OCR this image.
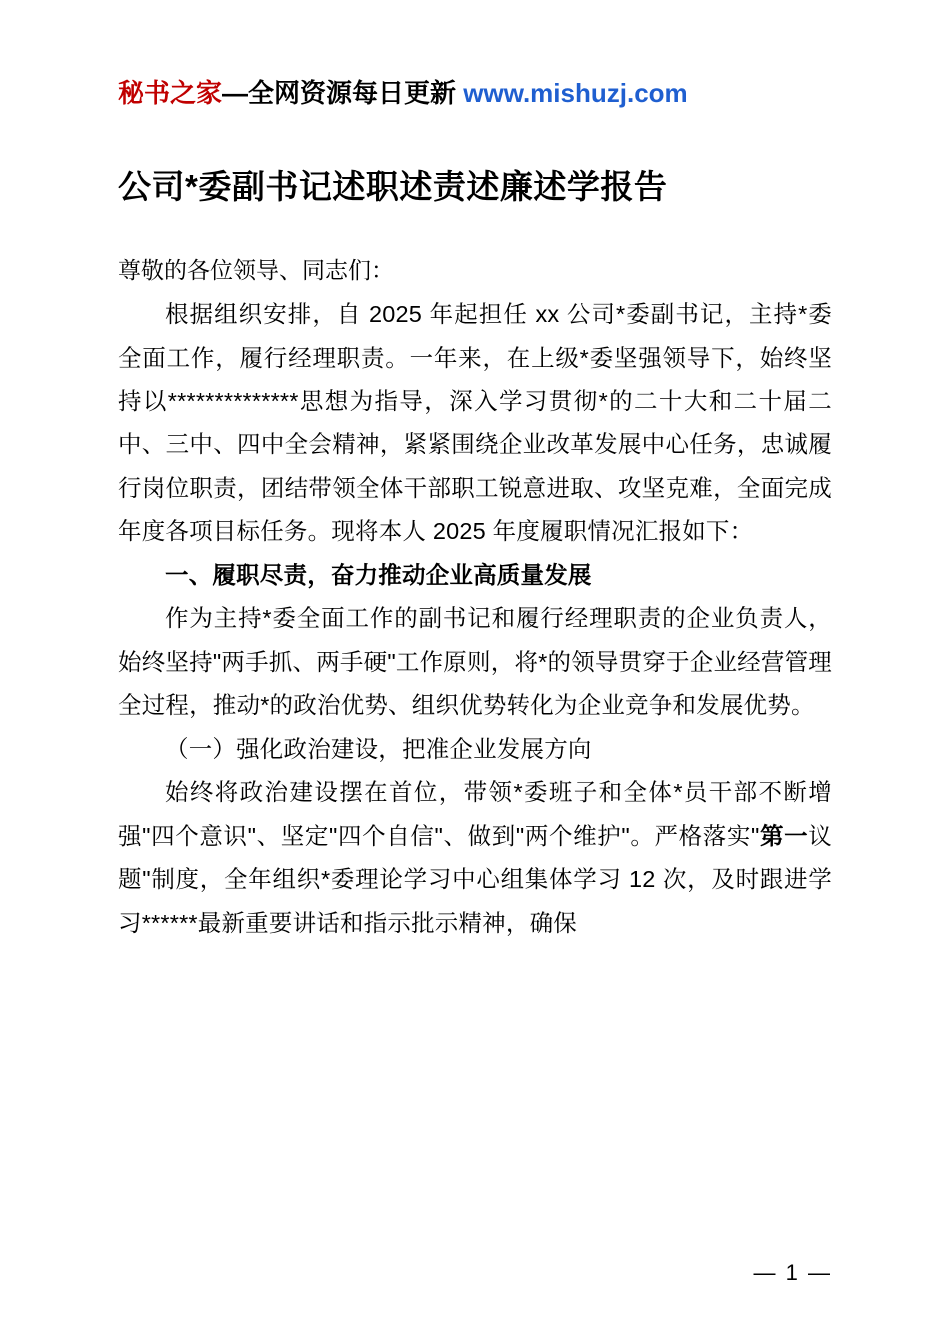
秘书之家—全网资源每日更新 www.mishuzj.com
公司*委副书记述职述责述廉述学报告
尊敬的各位领导、同志们：

根据组织安排，自 2025 年起担任 xx 公司*委副书记，主持*委全面工作，履行经理职责。一年来，在上级*委坚强领导下，始终坚持以**************思想为指导，深入学习贯彻*的二十大和二十届二中、三中、四中全会精神，紧紧围绕企业改革发展中心任务，忠诚履行岗位职责，团结带领全体干部职工锐意进取、攻坚克难，全面完成年度各项目标任务。现将本人 2025 年度履职情况汇报如下：

一、履职尽责，奋力推动企业高质量发展

作为主持*委全面工作的副书记和履行经理职责的企业负责人，始终坚持"两手抓、两手硬"工作原则，将*的领导贯穿于企业经营管理全过程，推动*的政治优势、组织优势转化为企业竞争和发展优势。

（一）强化政治建设，把准企业发展方向

始终将政治建设摆在首位，带领*委班子和全体*员干部不断增强"四个意识"、坚定"四个自信"、做到"两个维护"。严格落实"第一议题"制度，全年组织*委理论学习中心组集体学习 12 次，及时跟进学习******最新重要讲话和指示批示精神，确保

— 1 —
